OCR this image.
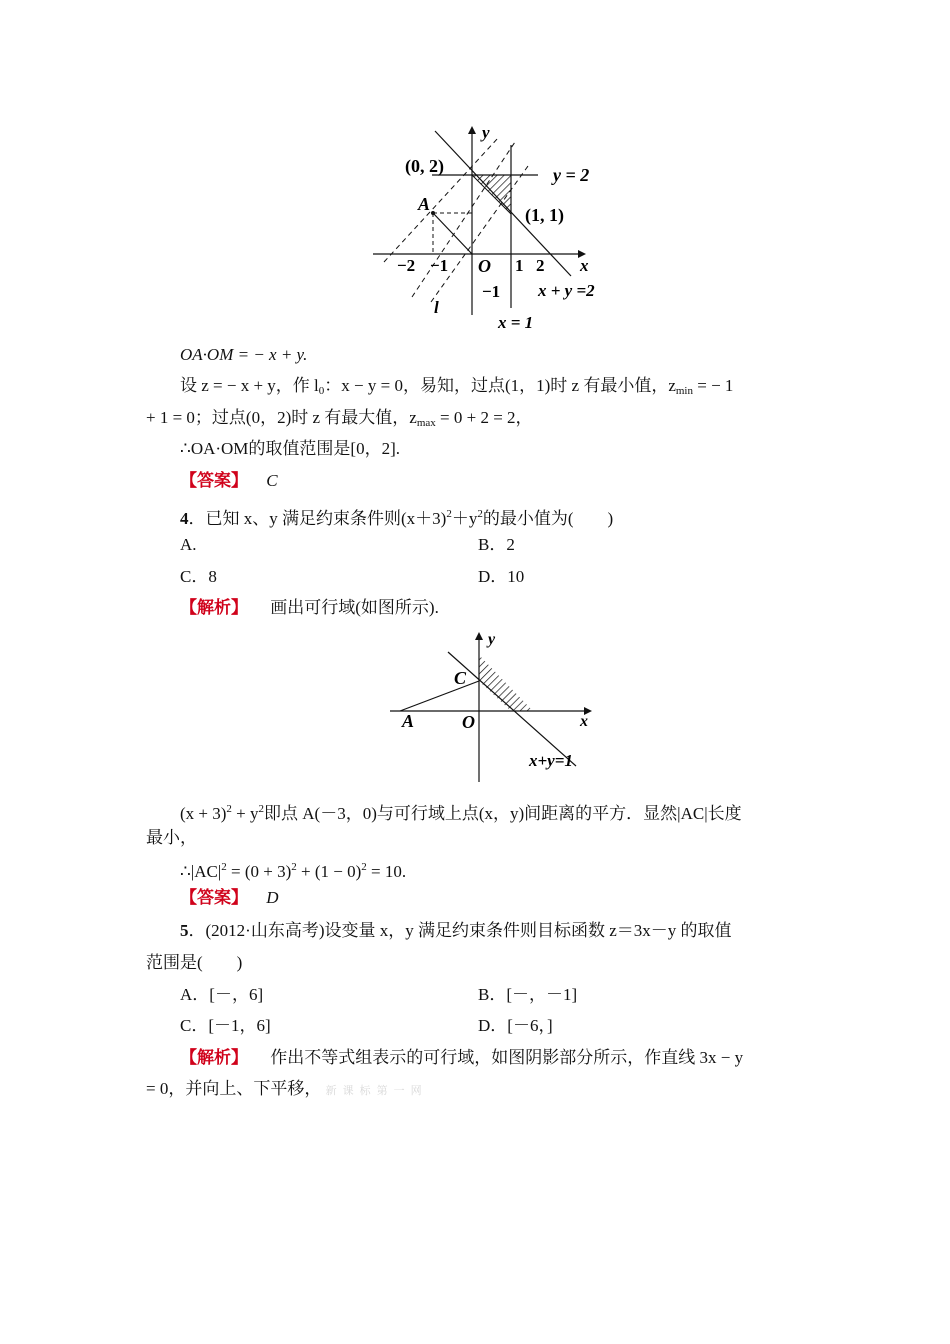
y
(0, 2)	y = 2
A
(1, 1)
−2 −1 O 1 2 x
−1 x + y =2
l
x = 1
OA·OM = − x + y.
设 z = − x + y，作 $l_0$：x − y = 0，易知，过点(1，1)时 z 有最小值，$z_{min}$ = − 1
+ 1 = 0；过点(0，2)时 z 有最大值，$z_{max} = 0 + 2 = 2$，
∴OA·OM的取值范围是[0，2].
【答案】 C
4．已知 x、y 满足约束条件则$(x+3)^2+y^2$的最小值为(　　)
A.	B．2
C．8	D．10
【解析】 画出可行域(如图所示).
y
C
A	O	x
x+y=1
$(x + 3)^2 + y^2$即点 A(－3，0)与可行域上点(x，y)间距离的平方．显然|AC|长度
最小，
$\therefore|AC|^2 = (0 + 3)^2 + (1 - 0)^2 = 10$.
【答案】 D
5．(2012·山东高考)设变量 x，y 满足约束条件则目标函数 z＝3x－y 的取值
范围是(　　)
A．[－，6]	B．[－，－1]
C．[－1，6]	D．[－6，]
【解析】 作出不等式组表示的可行域，如图阴影部分所示，作直线 3x − y
= 0，并向上、下平移， 新课标第一网
